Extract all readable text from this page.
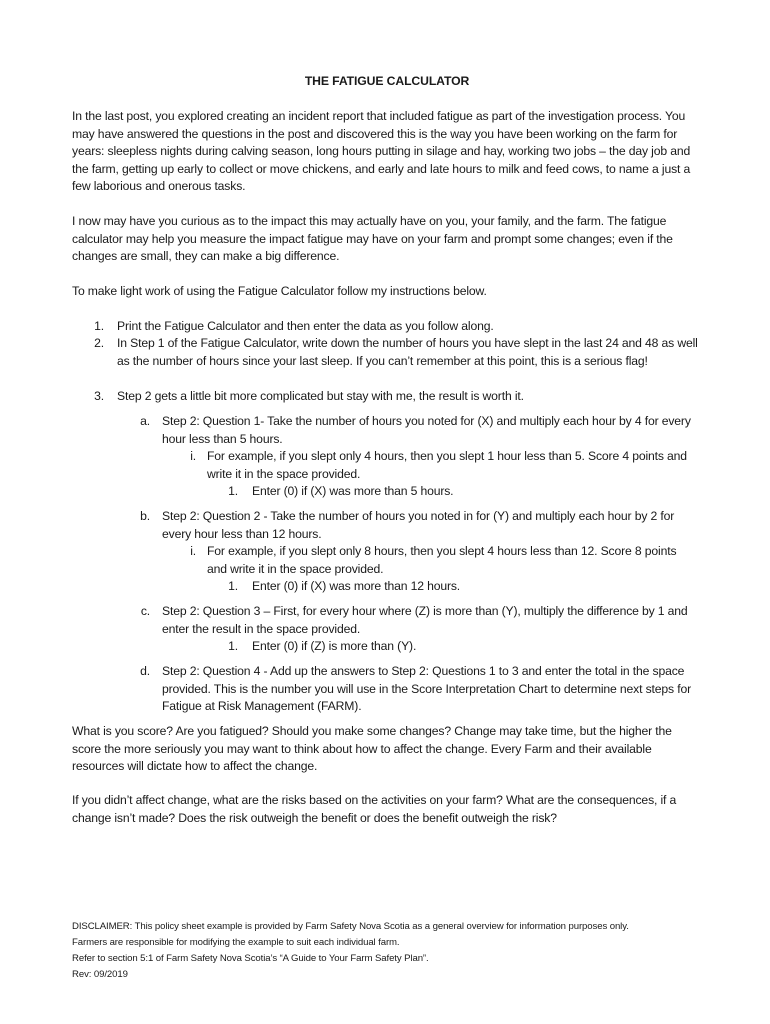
THE FATIGUE CALCULATOR

In the last post, you explored creating an incident report that included fatigue as part of the investigation process. You may have answered the questions in the post and discovered this is the way you have been working on the farm for years: sleepless nights during calving season, long hours putting in silage and hay, working two jobs – the day job and the farm, getting up early to collect or move chickens, and early and late hours to milk and feed cows, to name a just a few laborious and onerous tasks.

I now may have you curious as to the impact this may actually have on you, your family, and the farm. The fatigue calculator may help you measure the impact fatigue may have on your farm and prompt some changes; even if the changes are small, they can make a big difference.

To make light work of using the Fatigue Calculator follow my instructions below.

1. Print the Fatigue Calculator and then enter the data as you follow along.
2. In Step 1 of the Fatigue Calculator, write down the number of hours you have slept in the last 24 and 48 as well as the number of hours since your last sleep. If you can’t remember at this point, this is a serious flag!
3. Step 2 gets a little bit more complicated but stay with me, the result is worth it.
a. Step 2: Question 1- Take the number of hours you noted for (X) and multiply each hour by 4 for every hour less than 5 hours.
i. For example, if you slept only 4 hours, then you slept 1 hour less than 5. Score 4 points and write it in the space provided.
1. Enter (0) if (X) was more than 5 hours.
b. Step 2: Question 2 - Take the number of hours you noted in for (Y) and multiply each hour by 2 for every hour less than 12 hours.
i. For example, if you slept only 8 hours, then you slept 4 hours less than 12. Score 8 points and write it in the space provided.
1. Enter (0) if (X) was more than 12 hours.
c. Step 2: Question 3 – First, for every hour where (Z) is more than (Y), multiply the difference by 1 and enter the result in the space provided.
1. Enter (0) if (Z) is more than (Y).
d. Step 2: Question 4 - Add up the answers to Step 2: Questions 1 to 3 and enter the total in the space provided. This is the number you will use in the Score Interpretation Chart to determine next steps for Fatigue at Risk Management (FARM).

What is you score? Are you fatigued? Should you make some changes? Change may take time, but the higher the score the more seriously you may want to think about how to affect the change. Every Farm and their available resources will dictate how to affect the change.

If you didn’t affect change, what are the risks based on the activities on your farm? What are the consequences, if a change isn’t made? Does the risk outweigh the benefit or does the benefit outweigh the risk?

DISCLAIMER: This policy sheet example is provided by Farm Safety Nova Scotia as a general overview for information purposes only.
Farmers are responsible for modifying the example to suit each individual farm.
Refer to section 5:1 of Farm Safety Nova Scotia’s “A Guide to Your Farm Safety Plan”.
Rev: 09/2019
